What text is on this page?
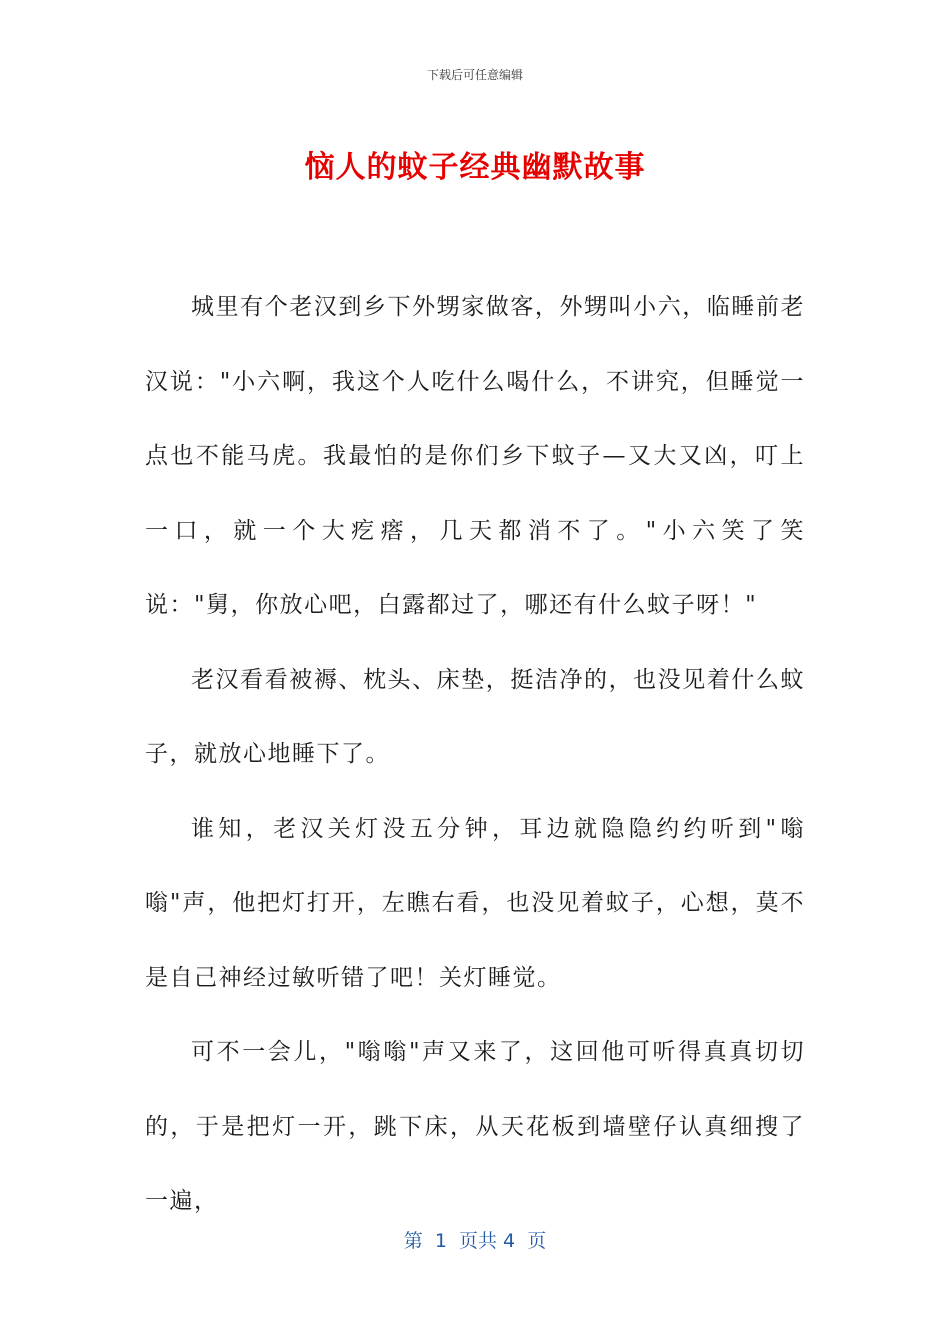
下载后可任意编辑
恼人的蚊子经典幽默故事

城里有个老汉到乡下外甥家做客，外甥叫小六，临睡前老汉说："小六啊，我这个人吃什么喝什么，不讲究，但睡觉一点也不能马虎。我最怕的是你们乡下蚊子—又大又凶，叮上一口，就一个大疙瘩，几天都消不了。"小六笑了笑说："舅，你放心吧，白露都过了，哪还有什么蚊子呀！"

老汉看看被褥、枕头、床垫，挺洁净的，也没见着什么蚊子，就放心地睡下了。

谁知，老汉关灯没五分钟，耳边就隐隐约约听到"嗡嗡"声，他把灯打开，左瞧右看，也没见着蚊子，心想，莫不是自己神经过敏听错了吧！关灯睡觉。

可不一会儿，"嗡嗡"声又来了，这回他可听得真真切切的，于是把灯一开，跳下床，从天花板到墙壁仔认真细搜了一遍，

第  1  页共 4  页
